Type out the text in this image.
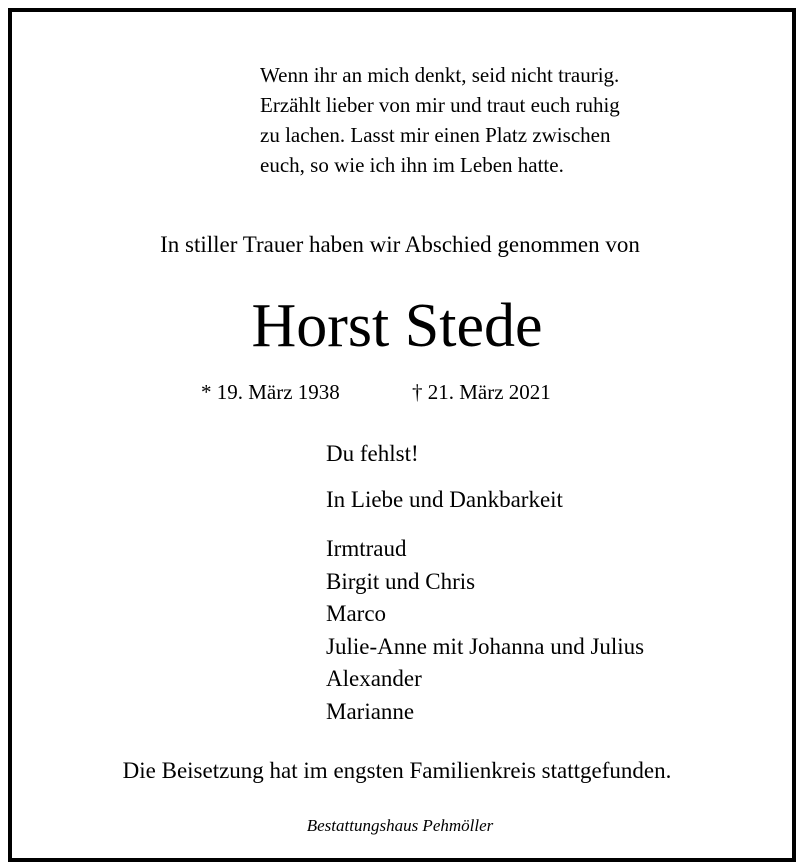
Wenn ihr an mich denkt, seid nicht traurig.
Erzählt lieber von mir und traut euch ruhig
zu lachen. Lasst mir einen Platz zwischen
euch, so wie ich ihn im Leben hatte.
In stiller Trauer haben wir Abschied genommen von
Horst Stede
* 19. März 1938	† 21. März 2021
Du fehlst!
In Liebe und Dankbarkeit
Irmtraud
Birgit und Chris
Marco
Julie-Anne mit Johanna und Julius
Alexander
Marianne
Die Beisetzung hat im engsten Familienkreis stattgefunden.
Bestattungshaus Pehmöller
